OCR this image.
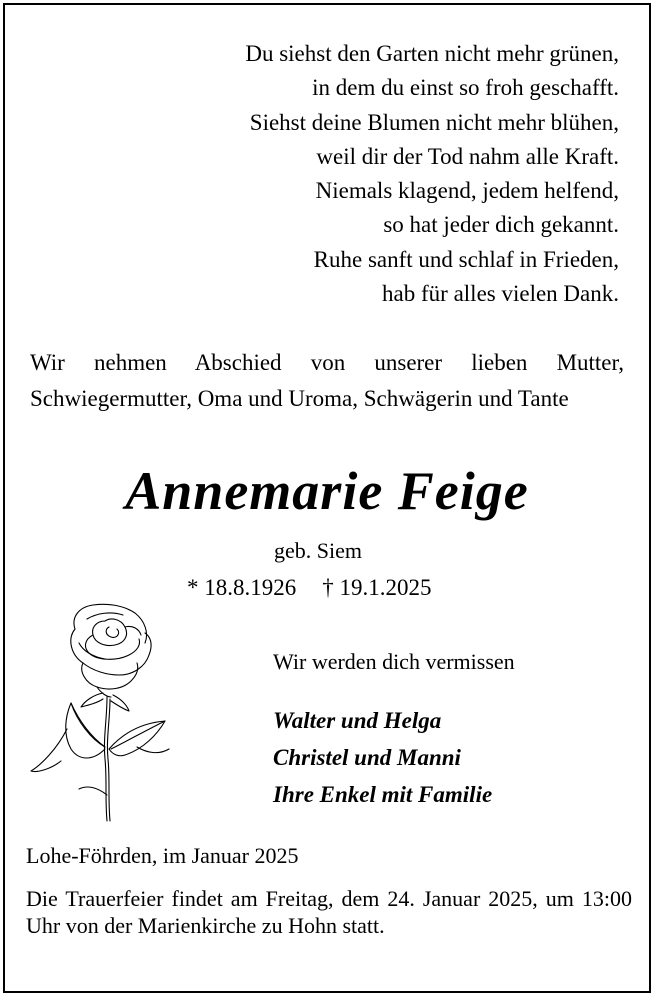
Du siehst den Garten nicht mehr grünen,
in dem du einst so froh geschafft.
Siehst deine Blumen nicht mehr blühen,
weil dir der Tod nahm alle Kraft.
Niemals klagend, jedem helfend,
so hat jeder dich gekannt.
Ruhe sanft und schlaf in Frieden,
hab für alles vielen Dank.
Wir nehmen Abschied von unserer lieben Mutter, Schwiegermutter, Oma und Uroma, Schwägerin und Tante
Annemarie Feige
geb. Siem
* 18.8.1926 † 19.1.2025
Wir werden dich vermissen
Walter und Helga
Christel und Manni
Ihre Enkel mit Familie
Lohe-Föhrden, im Januar 2025
Die Trauerfeier findet am Freitag, dem 24. Januar 2025, um 13:00 Uhr von der Marienkirche zu Hohn statt.
